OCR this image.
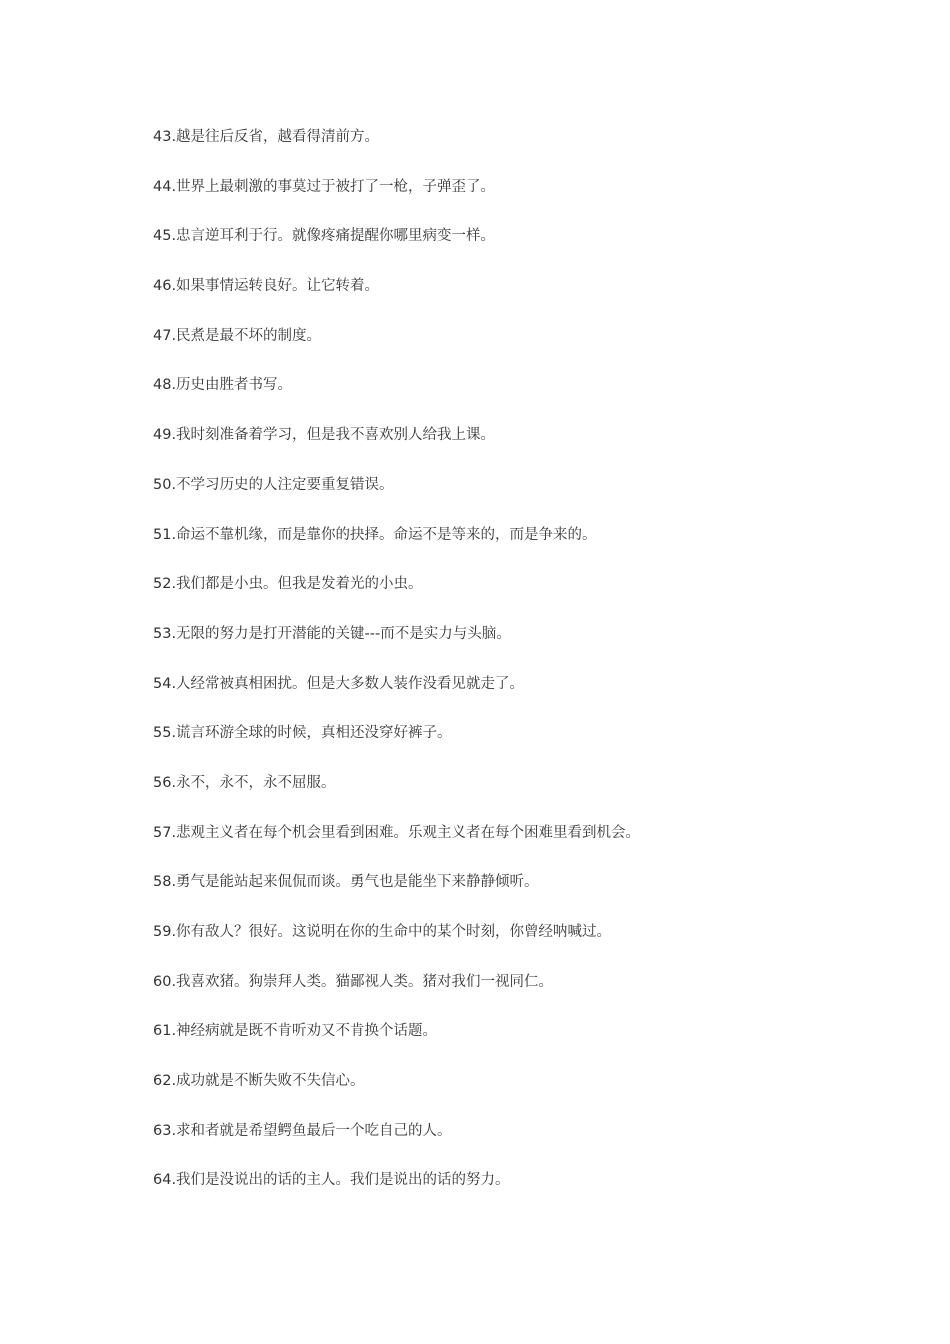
43.越是往后反省，越看得清前方。
44.世界上最刺激的事莫过于被打了一枪，子弹歪了。
45.忠言逆耳利于行。就像疼痛提醒你哪里病变一样。
46.如果事情运转良好。让它转着。
47.民煮是最不坏的制度。
48.历史由胜者书写。
49.我时刻准备着学习，但是我不喜欢别人给我上课。
50.不学习历史的人注定要重复错误。
51.命运不靠机缘，而是靠你的抉择。命运不是等来的，而是争来的。
52.我们都是小虫。但我是发着光的小虫。
53.无限的努力是打开潜能的关键---而不是实力与头脑。
54.人经常被真相困扰。但是大多数人装作没看见就走了。
55.谎言环游全球的时候，真相还没穿好裤子。
56.永不，永不，永不屈服。
57.悲观主义者在每个机会里看到困难。乐观主义者在每个困难里看到机会。
58.勇气是能站起来侃侃而谈。勇气也是能坐下来静静倾听。
59.你有敌人？很好。这说明在你的生命中的某个时刻，你曾经呐喊过。
60.我喜欢猪。狗崇拜人类。猫鄙视人类。猪对我们一视同仁。
61.神经病就是既不肯听劝又不肯换个话题。
62.成功就是不断失败不失信心。
63.求和者就是希望鳄鱼最后一个吃自己的人。
64.我们是没说出的话的主人。我们是说出的话的努力。
